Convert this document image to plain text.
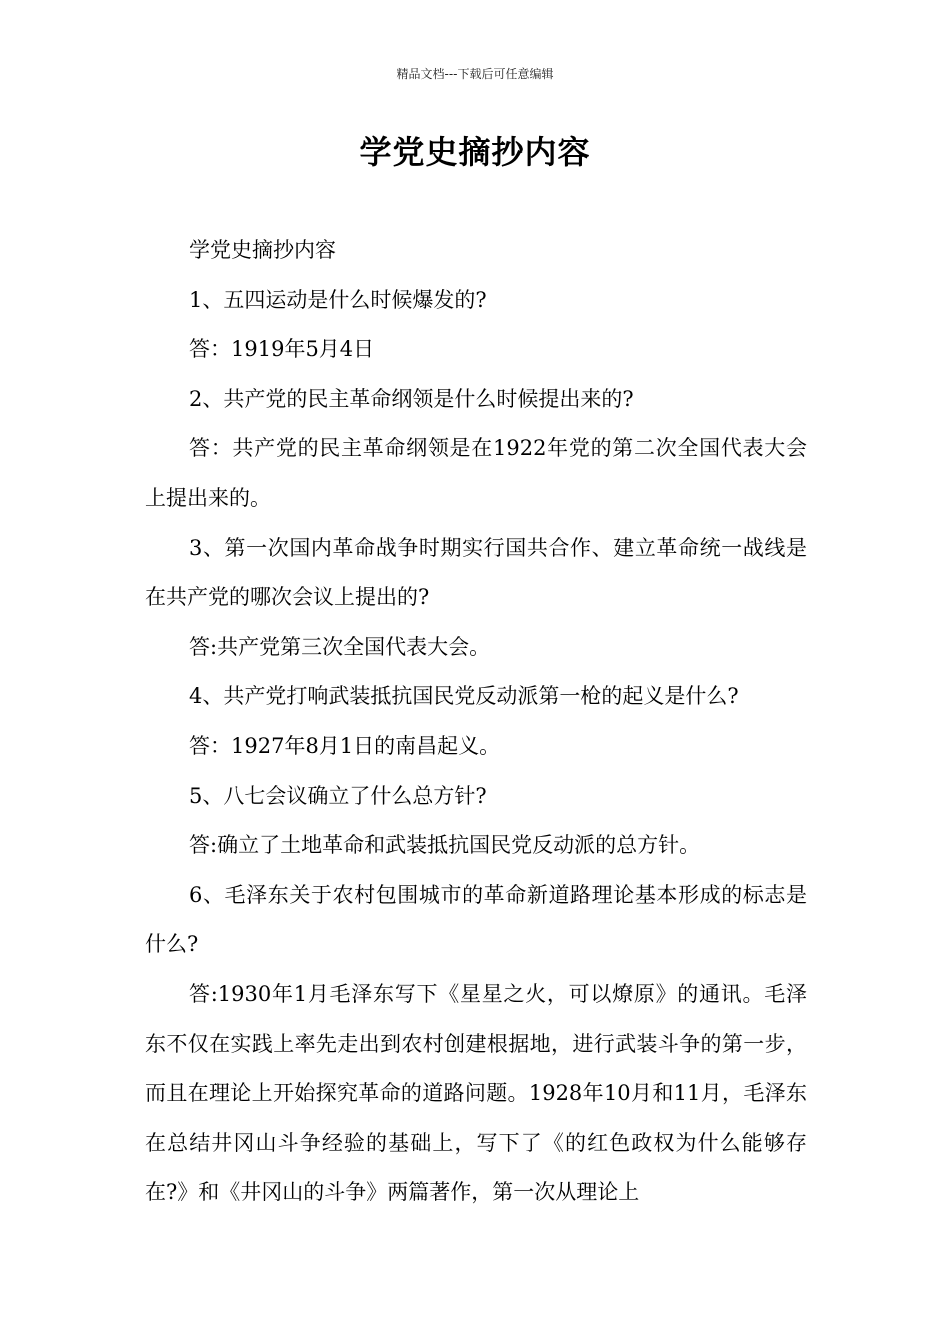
精品文档---下载后可任意编辑
学党史摘抄内容

学党史摘抄内容

1、五四运动是什么时候爆发的?

答：1919年5月4日

2、共产党的民主革命纲领是什么时候提出来的?

答：共产党的民主革命纲领是在1922年党的第二次全国代表大会上提出来的。

3、第一次国内革命战争时期实行国共合作、建立革命统一战线是在共产党的哪次会议上提出的?

答:共产党第三次全国代表大会。

4、共产党打响武装抵抗国民党反动派第一枪的起义是什么?

答：1927年8月1日的南昌起义。

5、八七会议确立了什么总方针?

答:确立了土地革命和武装抵抗国民党反动派的总方针。

6、毛泽东关于农村包围城市的革命新道路理论基本形成的标志是什么?

答:1930年1月毛泽东写下《星星之火，可以燎原》的通讯。毛泽东不仅在实践上率先走出到农村创建根据地，进行武装斗争的第一步，而且在理论上开始探究革命的道路问题。1928年10月和11月，毛泽东在总结井冈山斗争经验的基础上，写下了《的红色政权为什么能够存在?》和《井冈山的斗争》两篇著作，第一次从理论上
